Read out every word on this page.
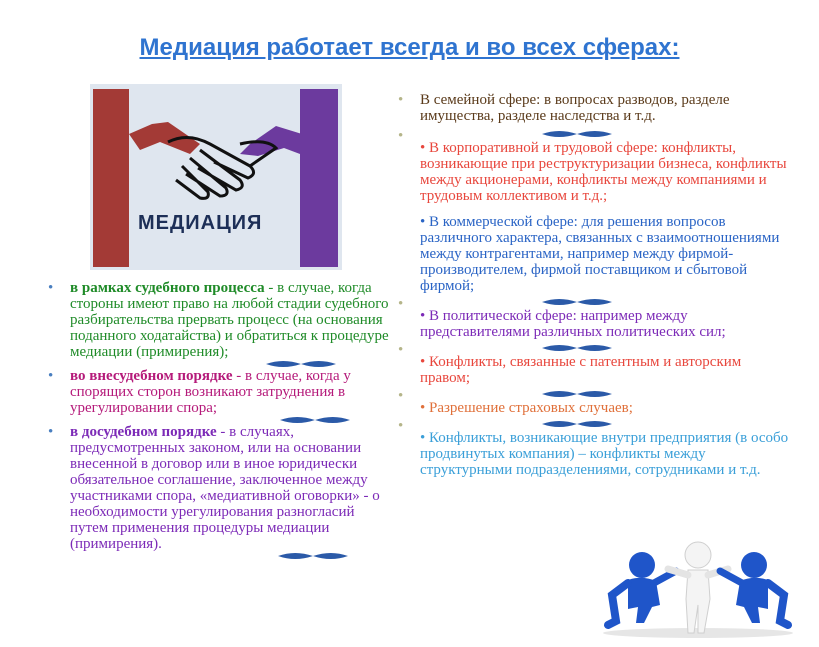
Медиация работает всегда и во всех сферах:
МЕДИАЦИЯ
• в рамках судебного процесса - в случае, когда стороны имеют право на любой стадии судебного разбирательства прервать процесс (на основания поданного ходатайства) и обратиться к процедуре медиации (примирения);
• во внесудебном порядке - в случае, когда у спорящих сторон возникают затруднения в урегулировании спора;
• в досудебном порядке - в случаях, предусмотренных законом, или на основании внесенной в договор или в иное юридически обязательное соглашение, заключенное между участниками спора, «медиативной оговорки» - о необходимости урегулирования разногласий путем применения процедуры медиации (примирения).
• В семейной сфере: в вопросах разводов, разделе имущества, разделе наследства и т.д.
•
• В корпоративной и трудовой сфере: конфликты, возникающие при реструктуризации бизнеса, конфликты между акционерами, конфликты между компаниями и трудовым коллективом и т.д.;
• В коммерческой сфере: для решения вопросов различного характера, связанных с взаимоотношениями между контрагентами, например между фирмой-производителем, фирмой поставщиком и сбытовой фирмой;
•
• В политической сфере: например между представителями различных политических сил;
•
• Конфликты, связанные с патентным и авторским правом;
•
• Разрешение страховых случаев;
•
• Конфликты, возникающие внутри предприятия (в особо продвинутых компания) – конфликты между структурными подразделениями, сотрудниками и т.д.
